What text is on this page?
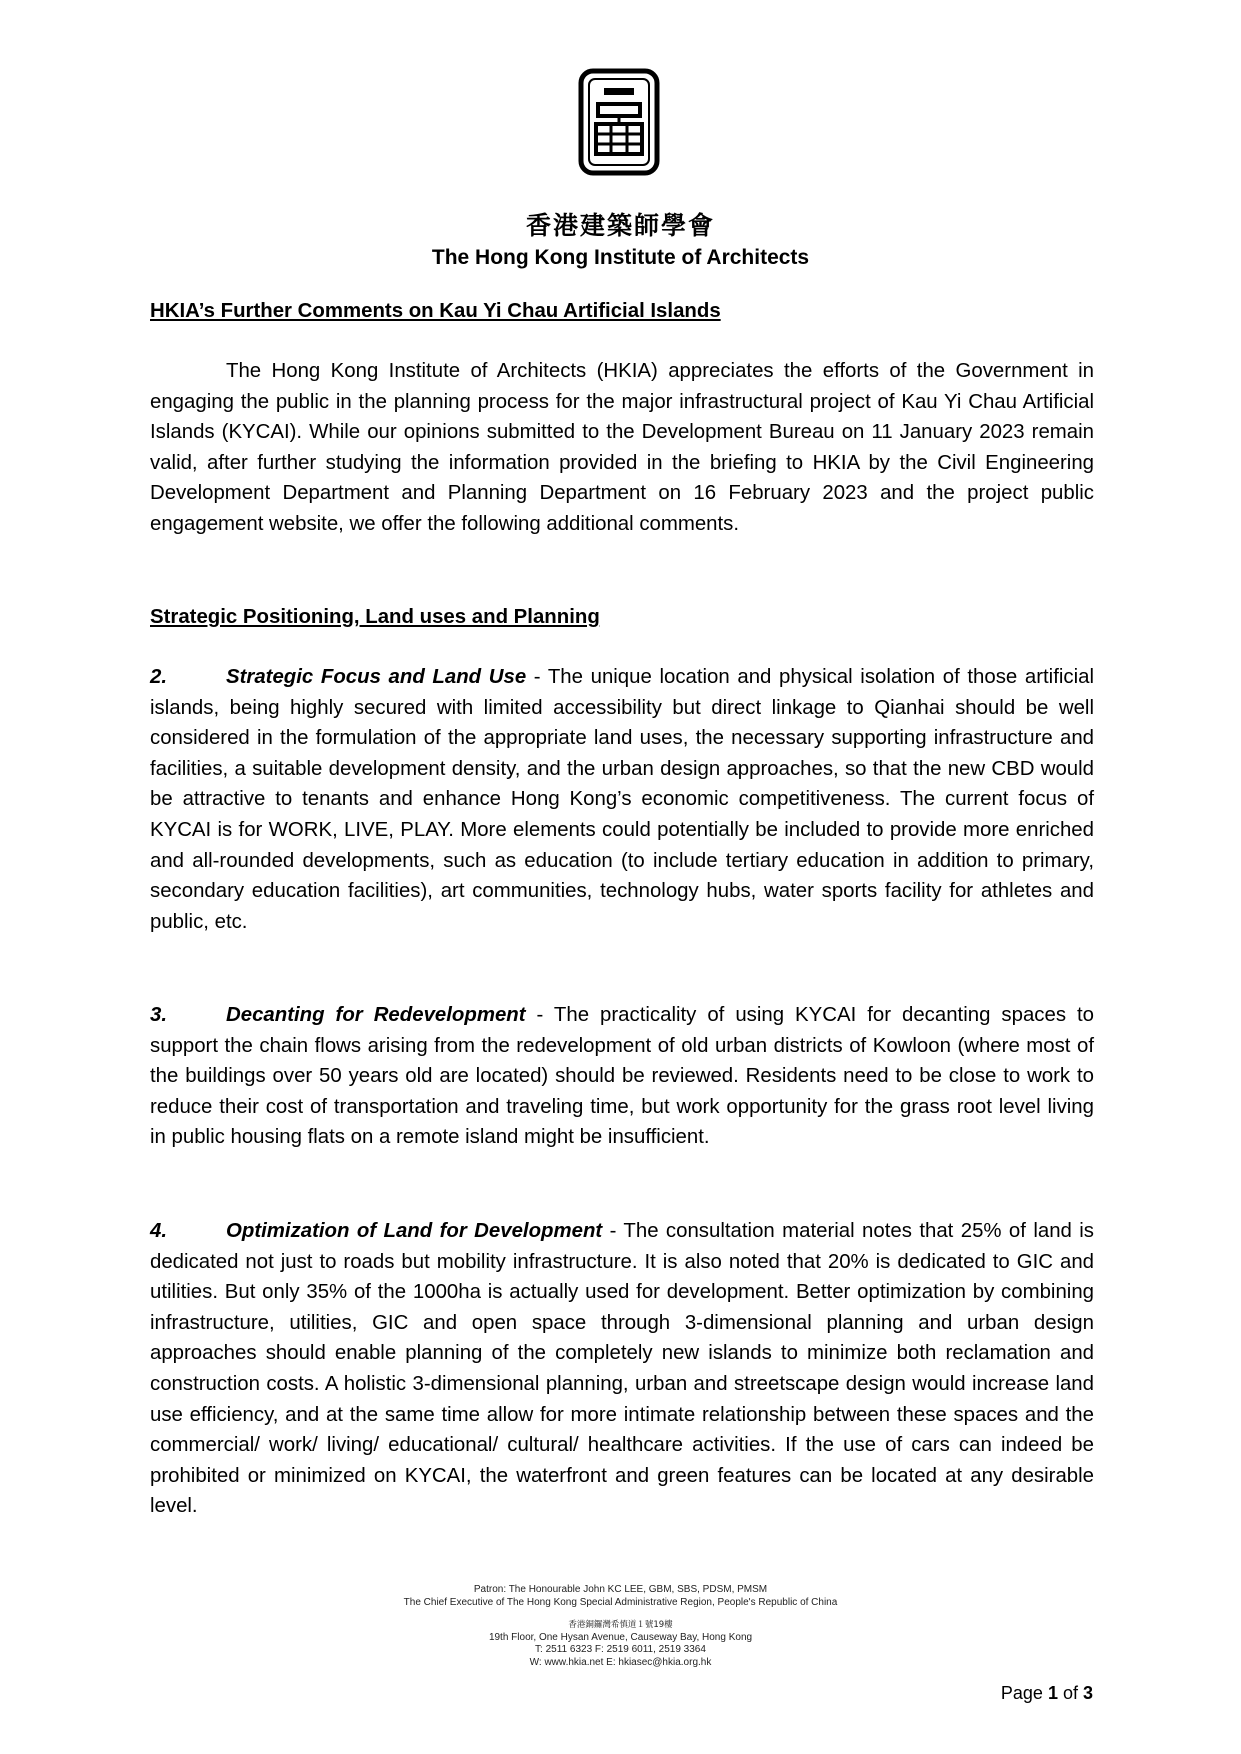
香港建築師學會
The Hong Kong Institute of Architects
HKIA’s Further Comments on Kau Yi Chau Artificial Islands

The Hong Kong Institute of Architects (HKIA) appreciates the efforts of the Government in engaging the public in the planning process for the major infrastructural project of Kau Yi Chau Artificial Islands (KYCAI). While our opinions submitted to the Development Bureau on 11 January 2023 remain valid, after further studying the information provided in the briefing to HKIA by the Civil Engineering Development Department and Planning Department on 16 February 2023 and the project public engagement website, we offer the following additional comments.

Strategic Positioning, Land uses and Planning

2.	Strategic Focus and Land Use - The unique location and physical isolation of those artificial islands, being highly secured with limited accessibility but direct linkage to Qianhai should be well considered in the formulation of the appropriate land uses, the necessary supporting infrastructure and facilities, a suitable development density, and the urban design approaches, so that the new CBD would be attractive to tenants and enhance Hong Kong’s economic competitiveness. The current focus of KYCAI is for WORK, LIVE, PLAY. More elements could potentially be included to provide more enriched and all-rounded developments, such as education (to include tertiary education in addition to primary, secondary education facilities), art communities, technology hubs, water sports facility for athletes and public, etc.

3.	Decanting for Redevelopment - The practicality of using KYCAI for decanting spaces to support the chain flows arising from the redevelopment of old urban districts of Kowloon (where most of the buildings over 50 years old are located) should be reviewed. Residents need to be close to work to reduce their cost of transportation and traveling time, but work opportunity for the grass root level living in public housing flats on a remote island might be insufficient.

4.	Optimization of Land for Development - The consultation material notes that 25% of land is dedicated not just to roads but mobility infrastructure. It is also noted that 20% is dedicated to GIC and utilities. But only 35% of the 1000ha is actually used for development. Better optimization by combining infrastructure, utilities, GIC and open space through 3-dimensional planning and urban design approaches should enable planning of the completely new islands to minimize both reclamation and construction costs. A holistic 3-dimensional planning, urban and streetscape design would increase land use efficiency, and at the same time allow for more intimate relationship between these spaces and the commercial/ work/ living/ educational/ cultural/ healthcare activities. If the use of cars can indeed be prohibited or minimized on KYCAI, the waterfront and green features can be located at any desirable level.

Patron: The Honourable John KC LEE, GBM, SBS, PDSM, PMSM
The Chief Executive of The Hong Kong Special Administrative Region, People's Republic of China
香港銅鑼灣希慎道１號19樓
19th Floor, One Hysan Avenue, Causeway Bay, Hong Kong
T: 2511 6323 F: 2519 6011, 2519 3364
W: www.hkia.net E: hkiasec@hkia.org.hk
Page 1 of 3
